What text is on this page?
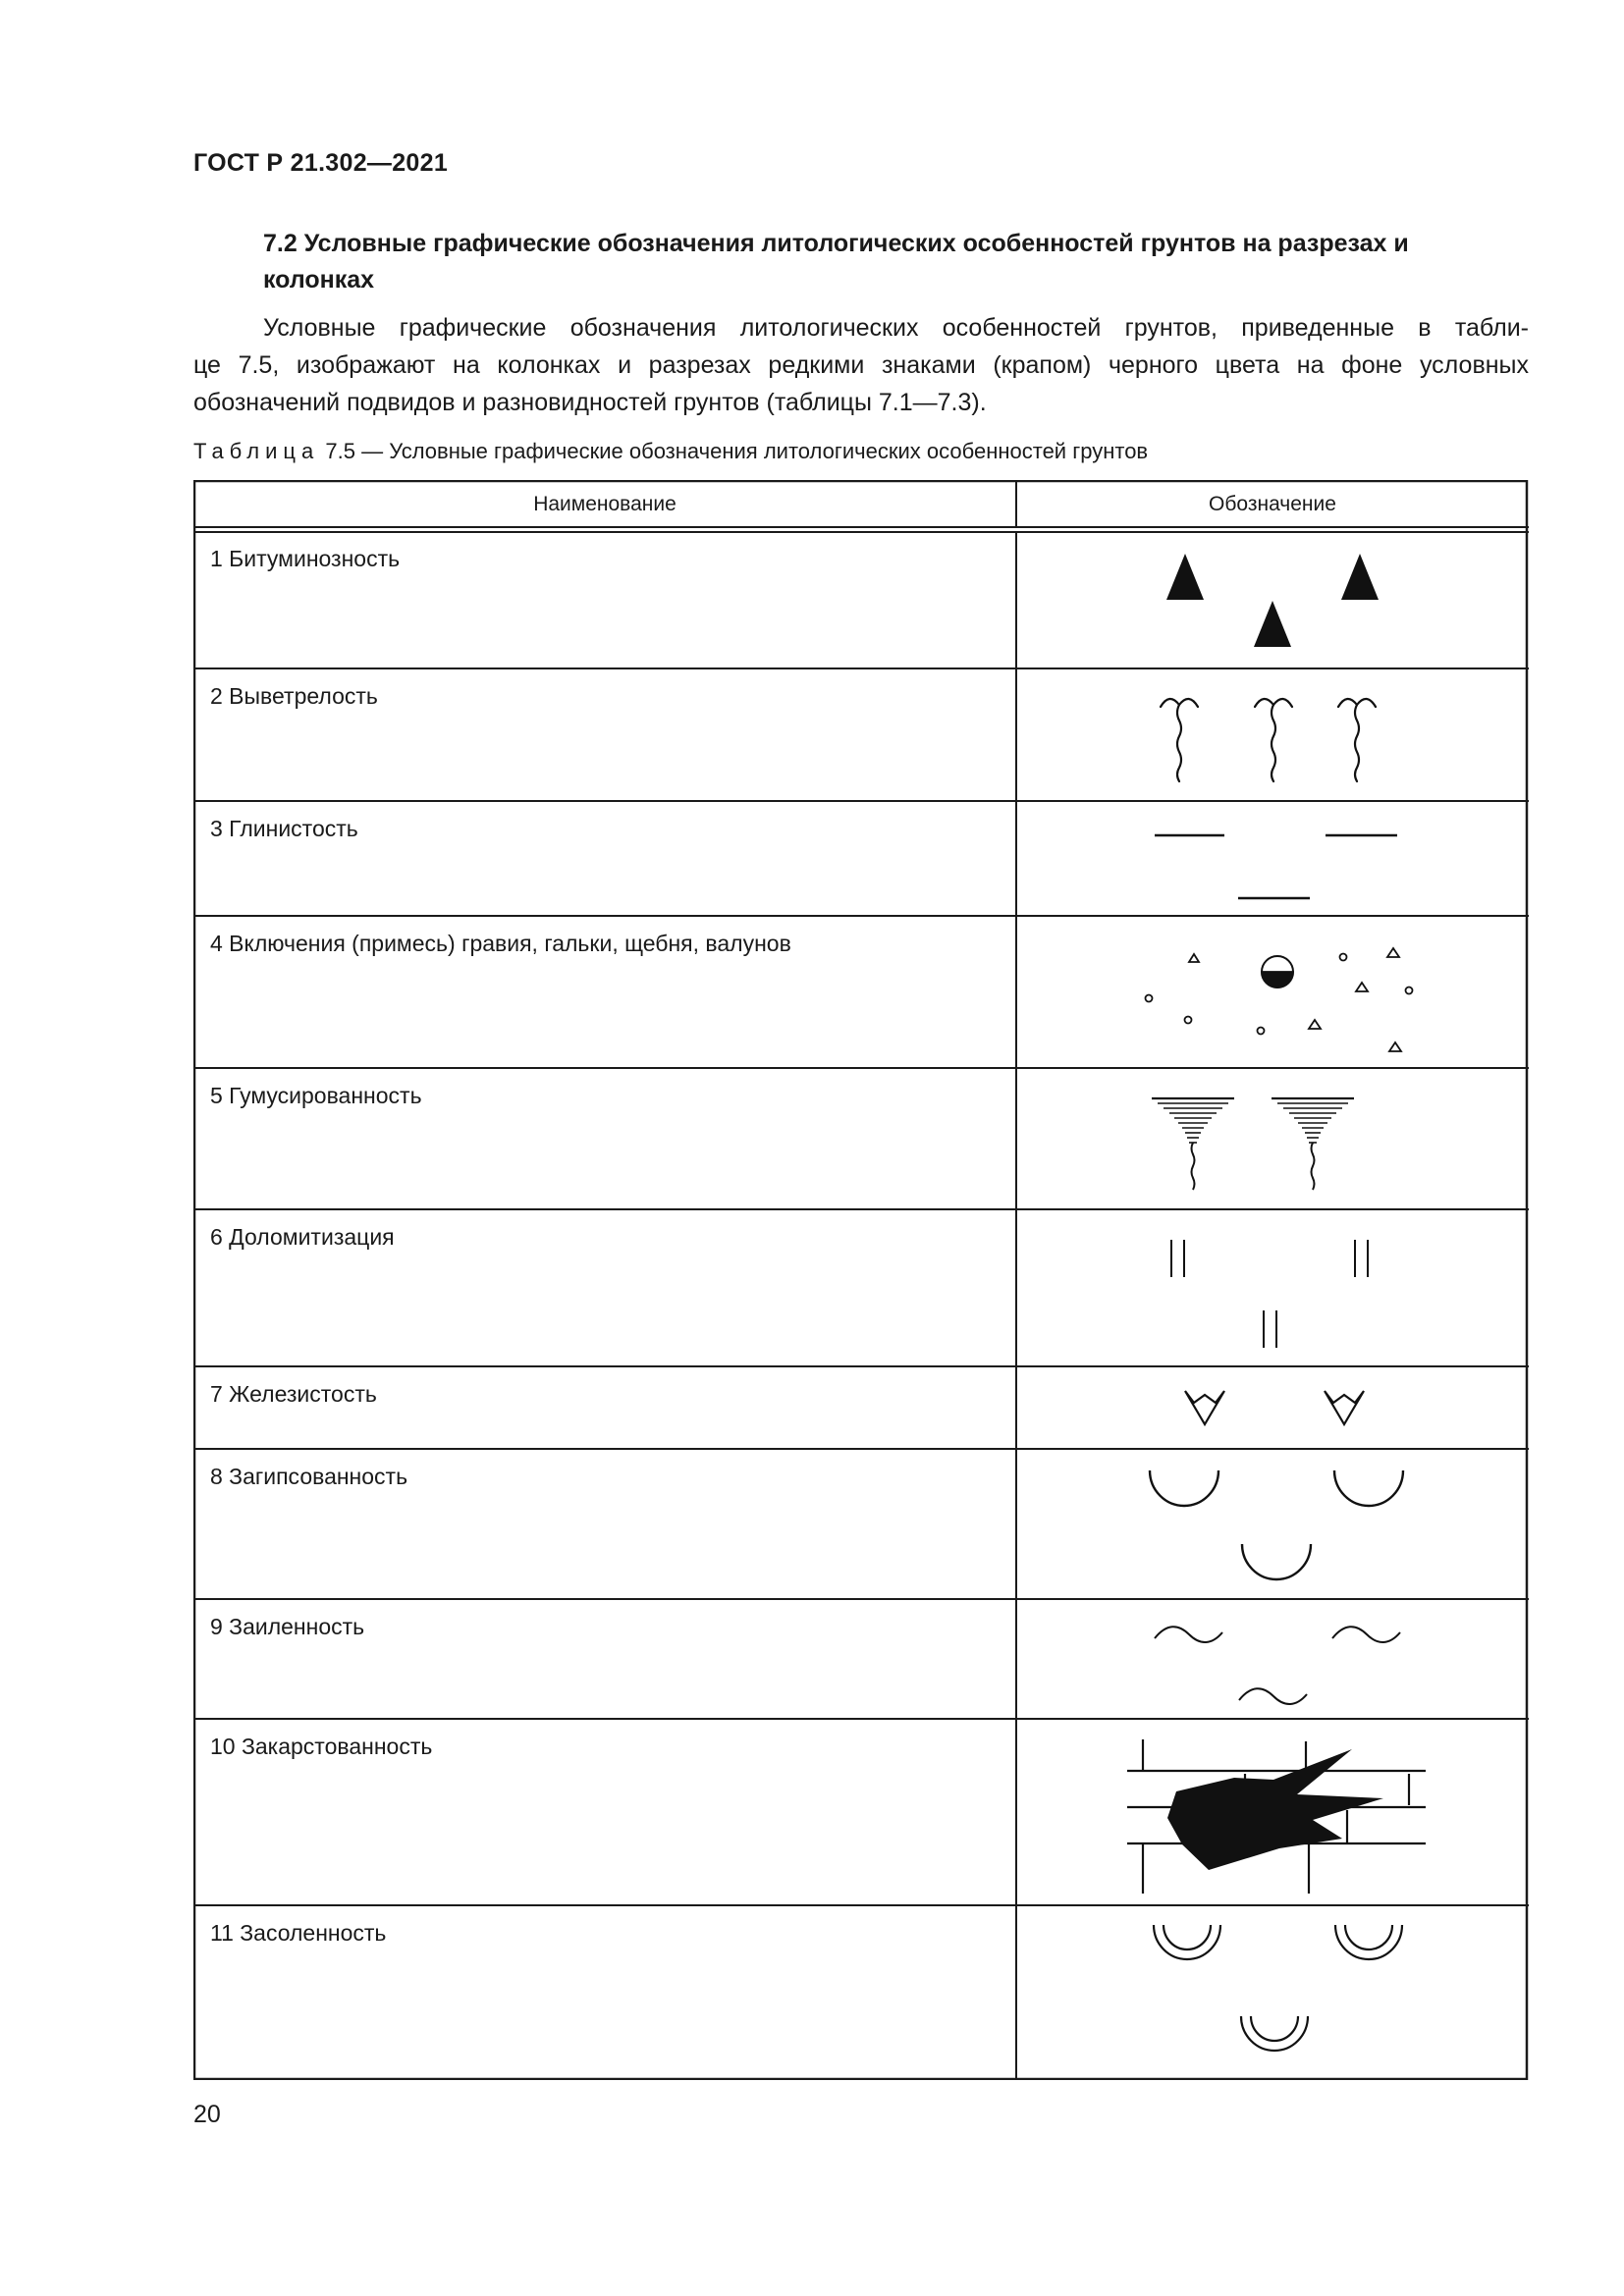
ГОСТ Р 21.302—2021
7.2 Условные графические обозначения литологических особенностей грунтов на разрезах и колонках
Условные графические обозначения литологических особенностей грунтов, приведенные в табли-
це 7.5, изображают на колонках и разрезах редкими знаками (крапом) черного цвета на фоне условных
обозначений подвидов и разновидностей грунтов (таблицы 7.1—7.3).
Таблица 7.5 — Условные графические обозначения литологических особенностей грунтов
Наименование	Обозначение
1 Битуминозность
2 Выветрелость
3 Глинистость
4 Включения (примесь) гравия, гальки, щебня, валунов
5 Гумусированность
6 Доломитизация
7 Железистость
8 Загипсованность
9 Заиленность
10 Закарстованность
11 Засоленность
20
